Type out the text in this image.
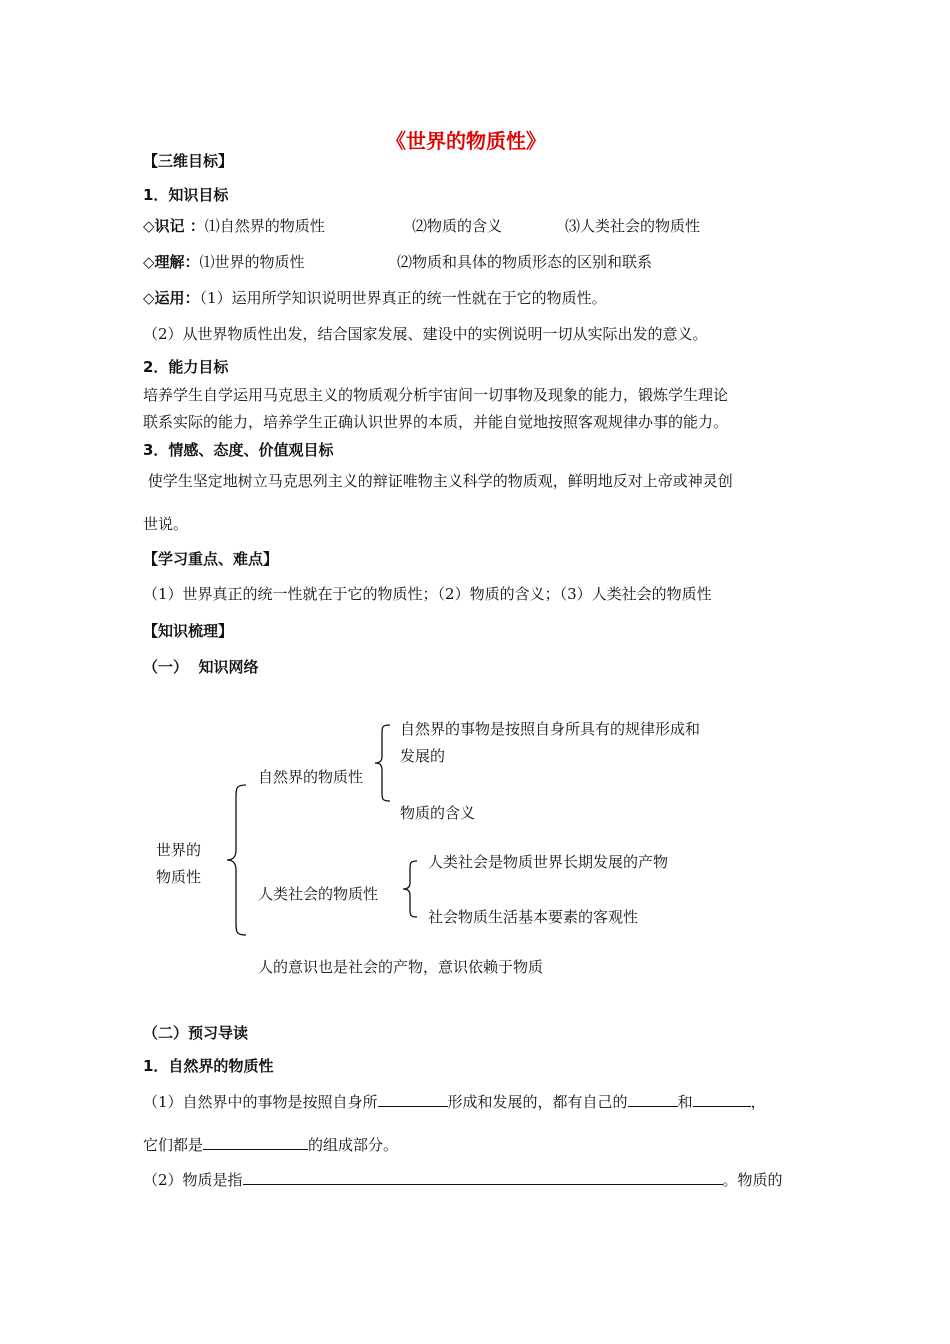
《世界的物质性》
【三维目标】
1．知识目标
◇识记 ：⑴自然界的物质性	⑵物质的含义	⑶人类社会的物质性
◇理解：⑴世界的物质性	⑵物质和具体的物质形态的区别和联系
◇运用：（1）运用所学知识说明世界真正的统一性就在于它的物质性。
（2）从世界物质性出发，结合国家发展、建设中的实例说明一切从实际出发的意义。
2．能力目标
培养学生自学运用马克思主义的物质观分析宇宙间一切事物及现象的能力，锻炼学生理论
联系实际的能力，培养学生正确认识世界的本质，并能自觉地按照客观规律办事的能力。
3．情感、态度、价值观目标
使学生坚定地树立马克思列主义的辩证唯物主义科学的物质观，鲜明地反对上帝或神灵创
世说。
【学习重点、难点】
（1）世界真正的统一性就在于它的物质性；（2）物质的含义；（3）人类社会的物质性
【知识梳理】
（一）  知识网络
世界的
物质性
自然界的物质性
自然界的事物是按照自身所具有的规律形成和
发展的
物质的含义
人类社会的物质性
人类社会是物质世界长期发展的产物
社会物质生活基本要素的客观性
人的意识也是社会的产物，意识依赖于物质
（二）预习导读
1．自然界的物质性
（1）自然界中的事物是按照自身所	形成和发展的，都有自己的	和	，
它们都是	的组成部分。
（2）物质是指	。物质的
